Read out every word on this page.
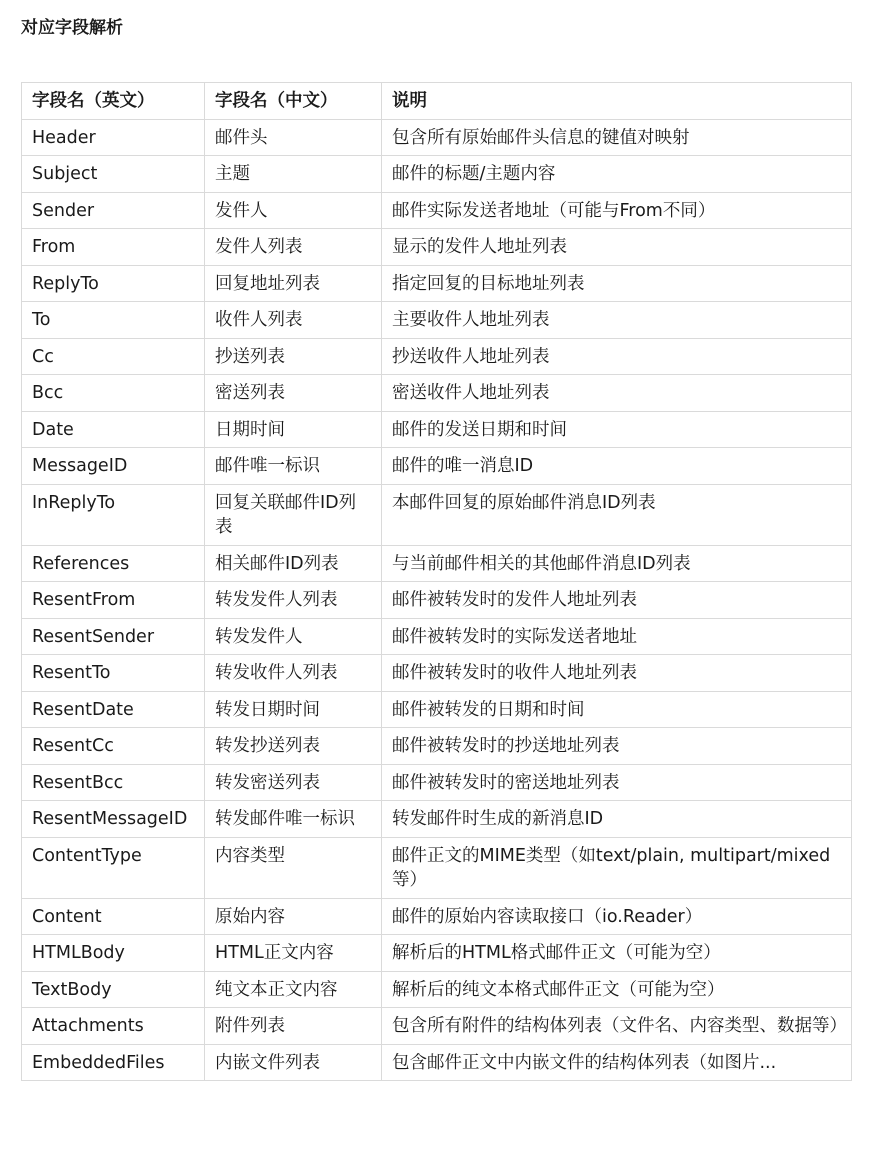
对应字段解析
字段名（英文）	字段名（中文）	说明
Header	邮件头	包含所有原始邮件头信息的键值对映射
Subject	主题	邮件的标题/主题内容
Sender	发件人	邮件实际发送者地址（可能与From不同）
From	发件人列表	显示的发件人地址列表
ReplyTo	回复地址列表	指定回复的目标地址列表
To	收件人列表	主要收件人地址列表
Cc	抄送列表	抄送收件人地址列表
Bcc	密送列表	密送收件人地址列表
Date	日期时间	邮件的发送日期和时间
MessageID	邮件唯一标识	邮件的唯一消息ID
InReplyTo	回复关联邮件ID列表	本邮件回复的原始邮件消息ID列表
References	相关邮件ID列表	与当前邮件相关的其他邮件消息ID列表
ResentFrom	转发发件人列表	邮件被转发时的发件人地址列表
ResentSender	转发发件人	邮件被转发时的实际发送者地址
ResentTo	转发收件人列表	邮件被转发时的收件人地址列表
ResentDate	转发日期时间	邮件被转发的日期和时间
ResentCc	转发抄送列表	邮件被转发时的抄送地址列表
ResentBcc	转发密送列表	邮件被转发时的密送地址列表
ResentMessageID	转发邮件唯一标识	转发邮件时生成的新消息ID
ContentType	内容类型	邮件正文的MIME类型（如text/plain, multipart/mixed等）
Content	原始内容	邮件的原始内容读取接口（io.Reader）
HTMLBody	HTML正文内容	解析后的HTML格式邮件正文（可能为空）
TextBody	纯文本正文内容	解析后的纯文本格式邮件正文（可能为空）
Attachments	附件列表	包含所有附件的结构体列表（文件名、内容类型、数据等）
EmbeddedFiles	内嵌文件列表	包含邮件正文中内嵌文件的结构体列表（如图片...
